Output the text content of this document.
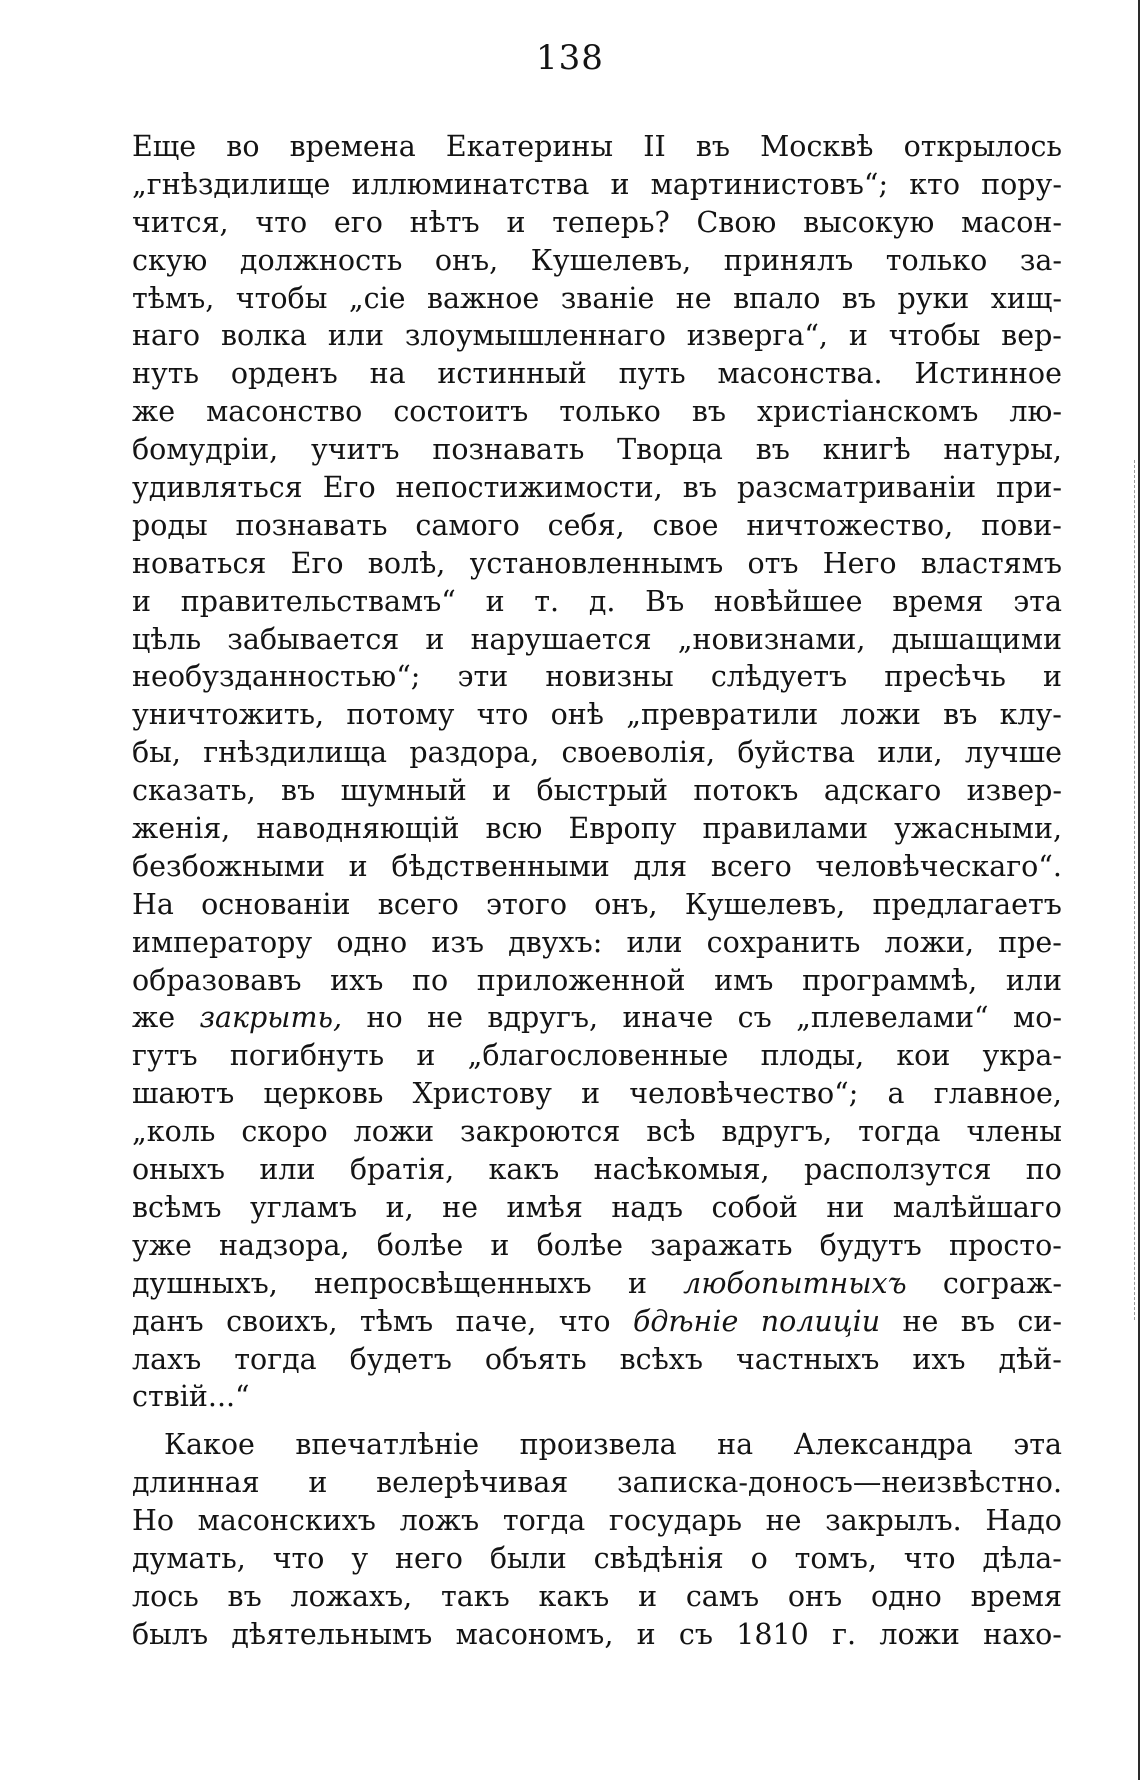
138
Еще во времена Екатерины II въ Москвѣ открылось
„гнѣздилище иллюминатства и мартинистовъ“; кто пору-
чится, что его нѣтъ и теперь? Свою высокую масон-
скую должность онъ, Кушелевъ, принялъ только за-
тѣмъ, чтобы „сіе важное званіе не впало въ руки хищ-
наго волка или злоумышленнаго изверга“, и чтобы вер-
нуть орденъ на истинный путь масонства. Истинное
же масонство состоитъ только въ христіанскомъ лю-
бомудріи, учитъ познавать Творца въ книгѣ натуры,
удивляться Его непостижимости, въ разсматриваніи при-
роды познавать самого себя, свое ничтожество, пови-
новаться Его волѣ, установленнымъ отъ Него властямъ
и правительствамъ“ и т. д. Въ новѣйшее время эта
цѣль забывается и нарушается „новизнами, дышащими
необузданностью“; эти новизны слѣдуетъ пресѣчь и
уничтожить, потому что онѣ „превратили ложи въ клу-
бы, гнѣздилища раздора, своеволія, буйства или, лучше
сказать, въ шумный и быстрый потокъ адскаго извер-
женія, наводняющій всю Европу правилами ужасными,
безбожными и бѣдственными для всего человѣческаго“.
На основаніи всего этого онъ, Кушелевъ, предлагаетъ
императору одно изъ двухъ: или сохранить ложи, пре-
образовавъ ихъ по приложенной имъ программѣ, или
же закрыть, но не вдругъ, иначе съ „плевелами“ мо-
гутъ погибнуть и „благословенные плоды, кои укра-
шаютъ церковь Христову и человѣчество“; а главное,
„коль скоро ложи закроются всѣ вдругъ, тогда члены
оныхъ или братія, какъ насѣкомыя, расползутся по
всѣмъ угламъ и, не имѣя надъ собой ни малѣйшаго
уже надзора, болѣе и болѣе заражать будутъ просто-
душныхъ, непросвѣщенныхъ и любопытныхъ сограж-
данъ своихъ, тѣмъ паче, что бдѣніе полиціи не въ си-
лахъ тогда будетъ объять всѣхъ частныхъ ихъ дѣй-
ствій...“
Какое впечатлѣніе произвела на Александра эта
длинная и велерѣчивая записка-доносъ—неизвѣстно.
Но масонскихъ ложъ тогда государь не закрылъ. Надо
думать, что у него были свѣдѣнія о томъ, что дѣла-
лось въ ложахъ, такъ какъ и самъ онъ одно время
былъ дѣятельнымъ масономъ, и съ 1810 г. ложи нахо-
